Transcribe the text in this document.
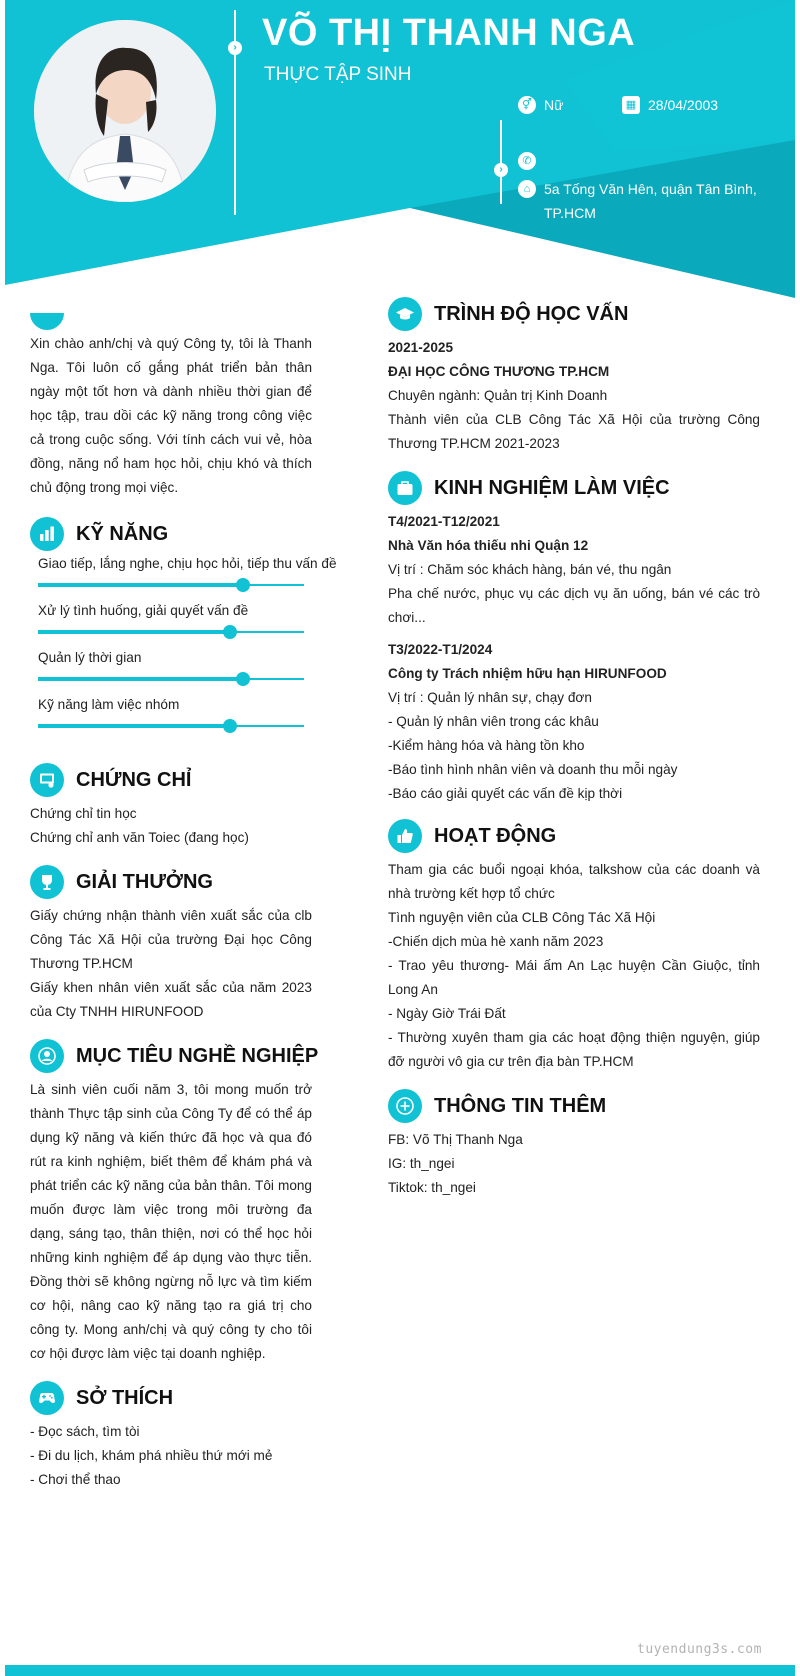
›
›
VÕ THỊ THANH NGA
THỰC TẬP SINH
⚥ Nữ	▦ 28/04/2003
✆
⌂ 5a Tống Văn Hên, quận Tân Bình, TP.HCM

Xin chào anh/chị và quý Công ty, tôi là Thanh Nga. Tôi luôn cố gắng phát triển bản thân ngày một tốt hơn và dành nhiều thời gian để học tập, trau dồi các kỹ năng trong công việc cả trong cuộc sống. Với tính cách vui vẻ, hòa đồng, năng nổ ham học hỏi, chịu khó và thích chủ động trong mọi việc.

KỸ NĂNG
Giao tiếp, lắng nghe, chịu học hỏi, tiếp thu vấn đề
Xử lý tình huống, giải quyết vấn đề
Quản lý thời gian
Kỹ năng làm việc nhóm
CHỨNG CHỈ

Chứng chỉ tin học

Chứng chỉ anh văn Toiec (đang học)

GIẢI THƯỞNG

Giấy chứng nhận thành viên xuất sắc của clb Công Tác Xã Hội của trường Đại học Công Thương TP.HCM

Giấy khen nhân viên xuất sắc của năm 2023 của Cty TNHH HIRUNFOOD

MỤC TIÊU NGHỀ NGHIỆP

Là sinh viên cuối năm 3, tôi mong muốn trở thành Thực tập sinh của Công Ty để có thể áp dụng kỹ năng và kiến thức đã học và qua đó rút ra kinh nghiệm, biết thêm để khám phá và phát triển các kỹ năng của bản thân. Tôi mong muốn được làm việc trong môi trường đa dạng, sáng tạo, thân thiện, nơi có thể học hỏi những kinh nghiệm để áp dụng vào thực tiễn. Đồng thời sẽ không ngừng nỗ lực và tìm kiếm cơ hội, nâng cao kỹ năng tạo ra giá trị cho công ty. Mong anh/chị và quý công ty cho tôi cơ hội được làm việc tại doanh nghiệp.

SỞ THÍCH

- Đọc sách, tìm tòi

- Đi du lịch, khám phá nhiều thứ mới mẻ

- Chơi thể thao

TRÌNH ĐỘ HỌC VẤN

2021-2025

ĐẠI HỌC CÔNG THƯƠNG TP.HCM

Chuyên ngành: Quản trị Kinh Doanh

Thành viên của CLB Công Tác Xã Hội của trường Công Thương TP.HCM 2021-2023

KINH NGHIỆM LÀM VIỆC

T4/2021-T12/2021

Nhà Văn hóa thiếu nhi Quận 12

Vị trí : Chăm sóc khách hàng, bán vé, thu ngân

Pha chế nước, phục vụ các dịch vụ ăn uống, bán vé các trò chơi...

T3/2022-T1/2024

Công ty Trách nhiệm hữu hạn HIRUNFOOD

Vị trí : Quản lý nhân sự, chạy đơn

- Quản lý nhân viên trong các khâu

-Kiểm hàng hóa và hàng tồn kho

-Báo tình hình nhân viên và doanh thu mỗi ngày

-Báo cáo giải quyết các vấn đề kịp thời

HOẠT ĐỘNG

Tham gia các buổi ngoại khóa, talkshow của các doanh và nhà trường kết hợp tổ chức

Tình nguyện viên của CLB Công Tác Xã Hội

-Chiến dịch mùa hè xanh năm 2023

- Trao yêu thương- Mái ấm An Lạc huyện Cần Giuộc, tỉnh Long An

- Ngày Giờ Trái Đất

- Thường xuyên tham gia các hoạt động thiện nguyện, giúp đỡ người vô gia cư trên địa bàn TP.HCM

THÔNG TIN THÊM

FB: Võ Thị Thanh Nga

IG: th_ngei

Tiktok: th_ngei

tuyendung3s.com
